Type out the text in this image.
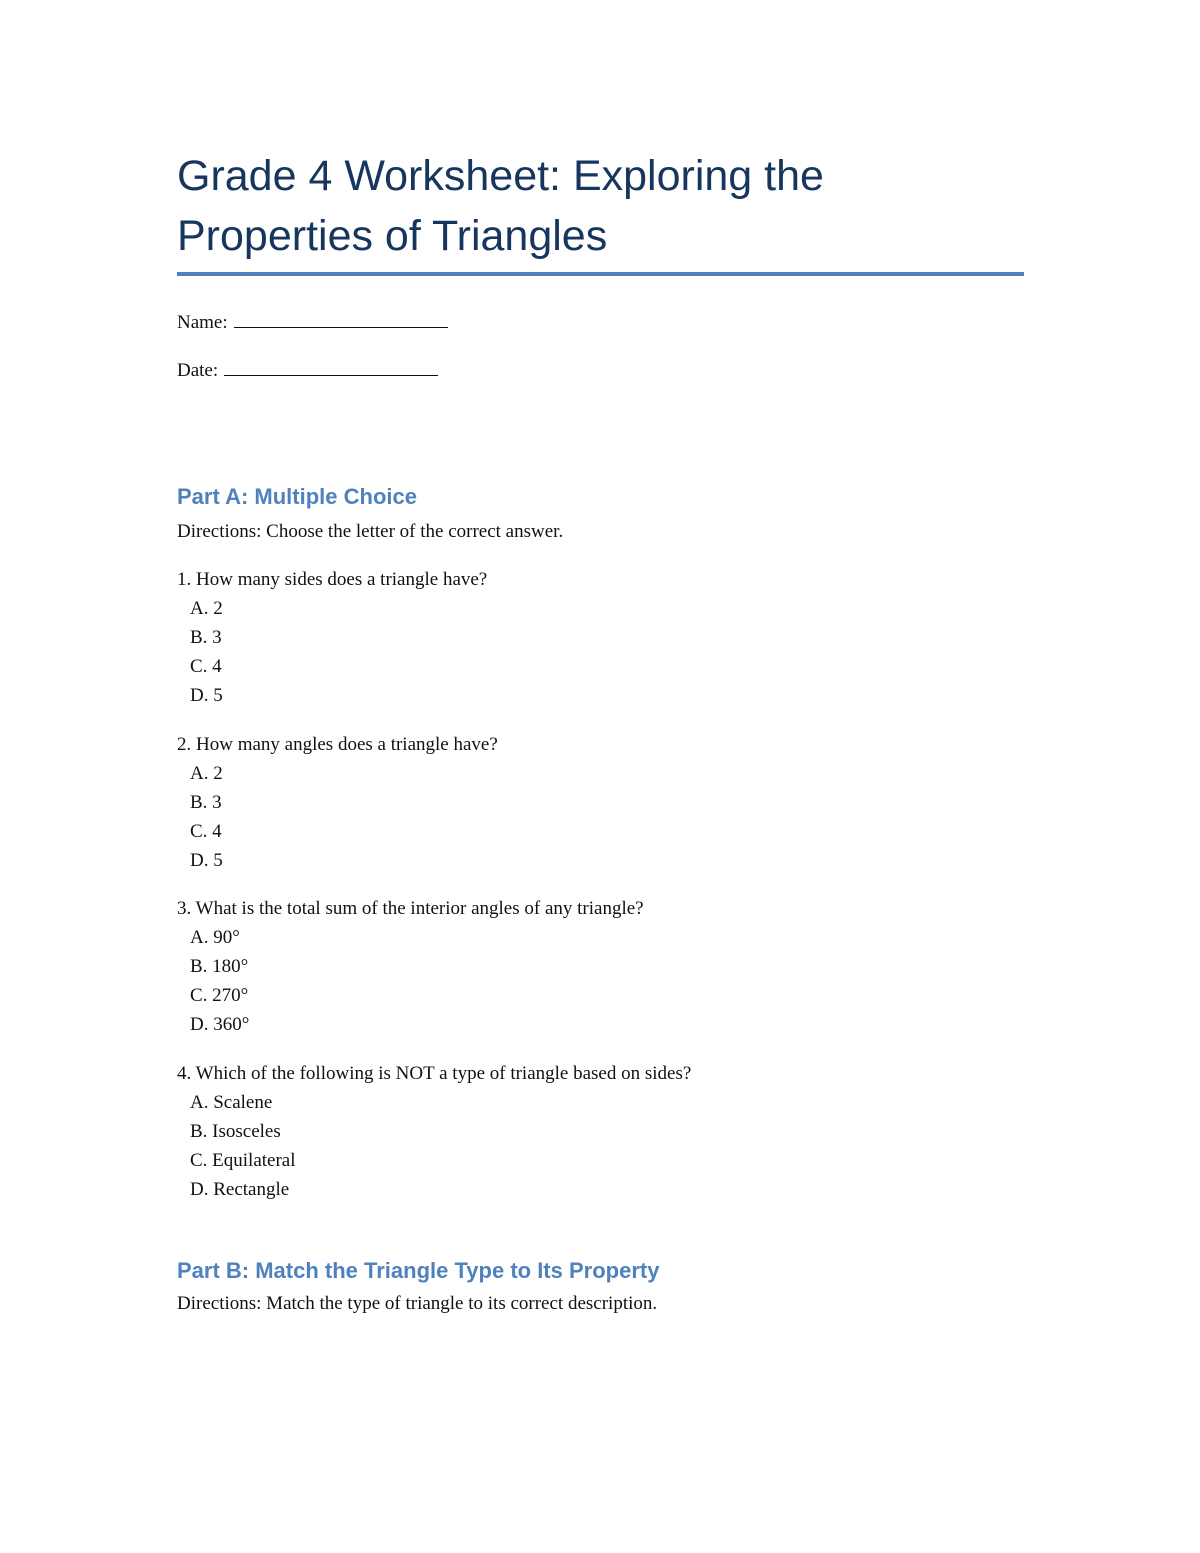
Grade 4 Worksheet: Exploring the Properties of Triangles
Name:
Date:
Part A: Multiple Choice
Directions: Choose the letter of the correct answer.
1. How many sides does a triangle have?
A. 2
B. 3
C. 4
D. 5
2. How many angles does a triangle have?
A. 2
B. 3
C. 4
D. 5
3. What is the total sum of the interior angles of any triangle?
A. 90°
B. 180°
C. 270°
D. 360°
4. Which of the following is NOT a type of triangle based on sides?
A. Scalene
B. Isosceles
C. Equilateral
D. Rectangle
Part B: Match the Triangle Type to Its Property
Directions: Match the type of triangle to its correct description.
